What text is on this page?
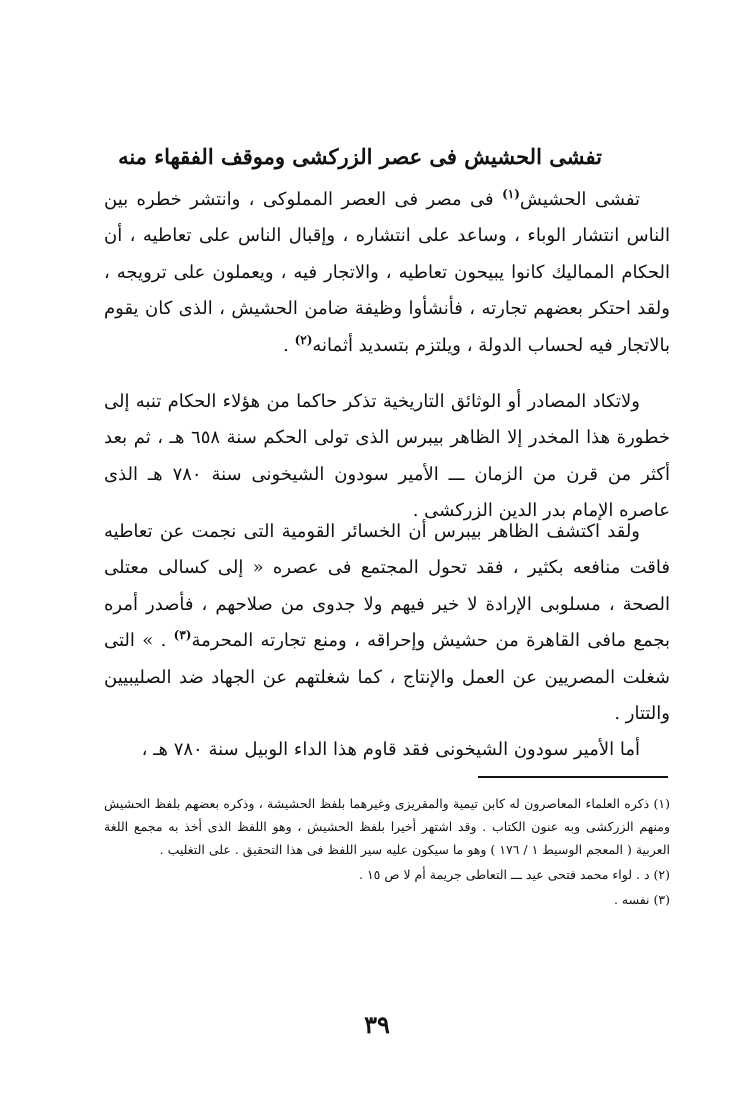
تفشى الحشيش فى عصر الزركشى وموقف الفقهاء منه

تفشى الحشيش$^{(١)}$ فى مصر فى العصر المملوكى ، وانتشر خطره بين الناس انتشار الوباء ، وساعد على انتشاره ، وإقبال الناس على تعاطيه ، أن الحكام المماليك كانوا يبيحون تعاطيه ، والاتجار فيه ، ويعملون على ترويجه ، ولقد احتكر بعضهم تجارته ، فأنشأوا وظيفة ضامن الحشيش ، الذى كان يقوم بالاتجار فيه لحساب الدولة ، ويلتزم بتسديد أثمانه$^{(٢)}$ .

ولاتكاد المصادر أو الوثائق التاريخية تذكر حاكما من هؤلاء الحكام تنبه إلى خطورة هذا المخدر إلا الظاهر بيبرس الذى تولى الحكم سنة ٦٥٨ هـ ، ثم بعد أكثر من قرن من الزمان ـــ الأمير سودون الشيخونى سنة ٧٨٠ هـ الذى عاصره الإمام بدر الدين الزركشى .

ولقد اكتشف الظاهر بيبرس أن الخسائر القومية التى نجمت عن تعاطيه فاقت منافعه بكثير ، فقد تحول المجتمع فى عصره « إلى كسالى معتلى الصحة ، مسلوبى الإرادة لا خير فيهم ولا جدوى من صلاحهم ، فأصدر أمره بجمع مافى القاهرة من حشيش وإحراقه ، ومنع تجارته المحرمة$^{(٣)}$ . » التى شغلت المصريين عن العمل والإنتاج ، كما شغلتهم عن الجهاد ضد الصليبيين والتتار .

أما الأمير سودون الشيخونى فقد قاوم هذا الداء الوبيل سنة ٧٨٠ هـ ،

(١) ذكره العلماء المعاصرون له كابن تيمية والمقريزى وغيرهما بلفظ الحشيشة ، وذكره بعضهم بلفظ الحشيش ومنهم الزركشى وبه عنون الكتاب . وقد اشتهر أخيرا بلفظ الحشيش ، وهو اللفظ الذى أخذ به مجمع اللغة العربية ( المعجم الوسيط ١ / ١٧٦ ) وهو ما سيكون عليه سير اللفظ فى هذا التحقيق . على التغليب .

(٢) د . لواء محمد فتحى عيد ـــ التعاطى جريمة أم لا ص ١٥ .

(٣) نفسه .

٣٩
